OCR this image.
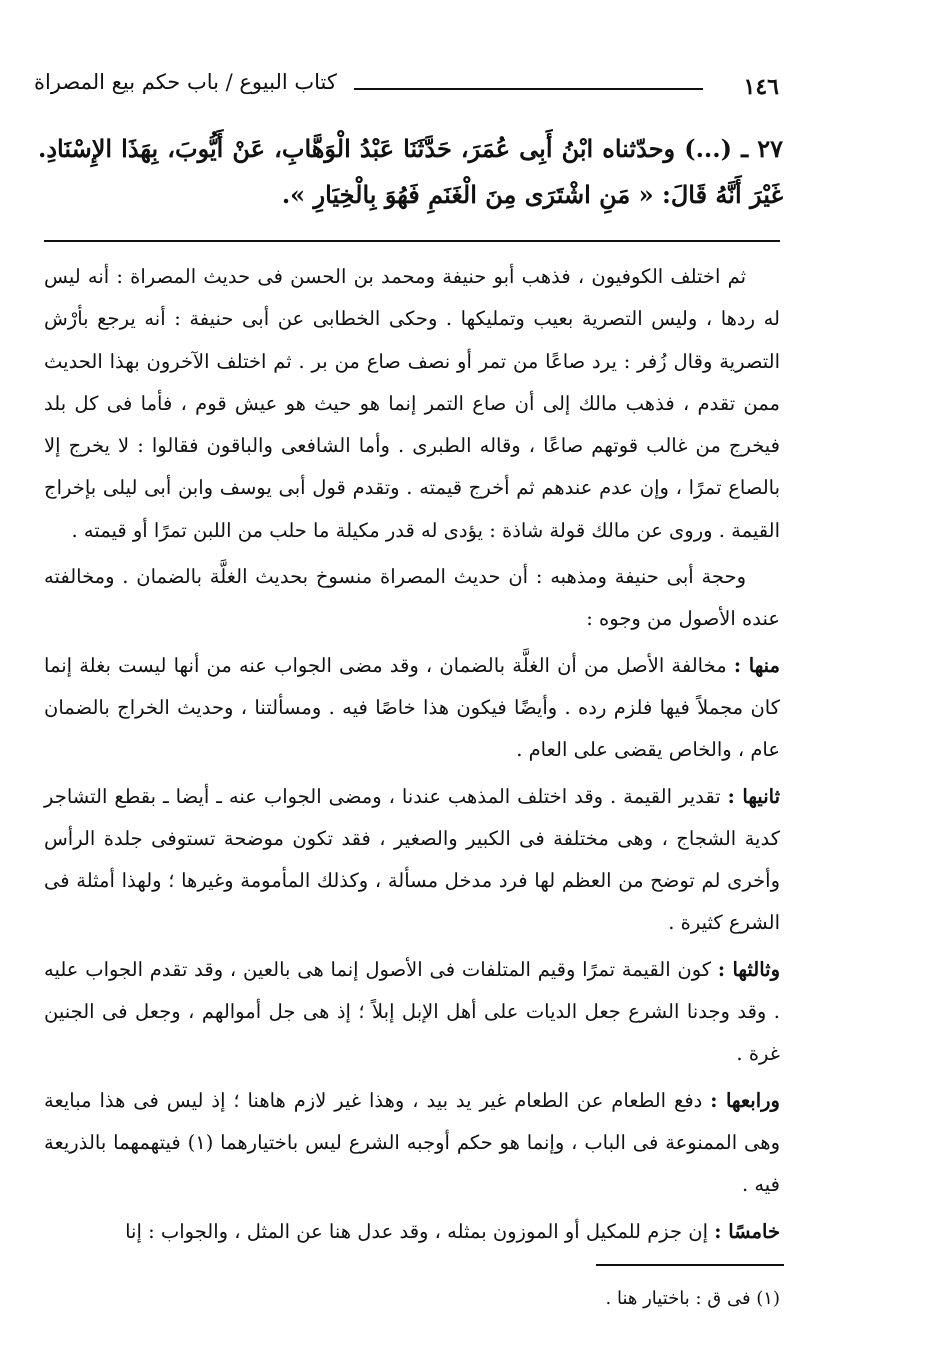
١٤٦
كتاب البيوع / باب حكم بيع المصراة
٢٧ ـ (...) وحدّثناه ابْنُ أَبِى عُمَرَ، حَدَّثَنَا عَبْدُ الْوَهَّابِ، عَنْ أَيُّوبَ، بِهَذَا الإِسْنَادِ. غَيْرَ أَنَّهُ قَالَ: « مَنِ اشْتَرَى مِنَ الْغَنَمِ فَهُوَ بِالْخِيَارِ ».

ثم اختلف الكوفيون ، فذهب أبو حنيفة ومحمد بن الحسن فى حديث المصراة : أنه ليس له ردها ، وليس التصرية بعيب وتمليكها . وحكى الخطابى عن أبى حنيفة : أنه يرجع بأرْش التصرية وقال زُفر : يرد صاعًا من تمر أو نصف صاع من بر . ثم اختلف الآخرون بهذا الحديث ممن تقدم ، فذهب مالك إلى أن صاع التمر إنما هو حيث هو عيش قوم ، فأما فى كل بلد فيخرج من غالب قوتهم صاعًا ، وقاله الطبرى . وأما الشافعى والباقون فقالوا : لا يخرج إلا بالصاع تمرًا ، وإن عدم عندهم ثم أخرج قيمته . وتقدم قول أبى يوسف وابن أبى ليلى بإخراج القيمة . وروى عن مالك قولة شاذة : يؤدى له قدر مكيلة ما حلب من اللبن تمرًا أو قيمته .

وحجة أبى حنيفة ومذهبه : أن حديث المصراة منسوخ بحديث الغلَّة بالضمان . ومخالفته عنده الأصول من وجوه :

منها : مخالفة الأصل من أن الغلَّة بالضمان ، وقد مضى الجواب عنه من أنها ليست بغلة إنما كان مجملاً فيها فلزم رده . وأيضًا فيكون هذا خاصًا فيه . ومسألتنا ، وحديث الخراج بالضمان عام ، والخاص يقضى على العام .

ثانيها : تقدير القيمة . وقد اختلف المذهب عندنا ، ومضى الجواب عنه ـ أيضا ـ بقطع التشاجر كدية الشجاج ، وهى مختلفة فى الكبير والصغير ، فقد تكون موضحة تستوفى جلدة الرأس وأخرى لم توضح من العظم لها فرد مدخل مسألة ، وكذلك المأمومة وغيرها ؛ ولهذا أمثلة فى الشرع كثيرة .

وثالثها : كون القيمة تمرًا وقيم المتلفات فى الأصول إنما هى بالعين ، وقد تقدم الجواب عليه . وقد وجدنا الشرع جعل الديات على أهل الإبل إبلاً ؛ إذ هى جل أموالهم ، وجعل فى الجنين غرة .

ورابعها : دفع الطعام عن الطعام غير يد بيد ، وهذا غير لازم هاهنا ؛ إذ ليس فى هذا مبايعة وهى الممنوعة فى الباب ، وإنما هو حكم أوجبه الشرع ليس باختيارهما (١) فيتهمهما بالذريعة فيه .

خامسًا : إن جزم للمكيل أو الموزون بمثله ، وقد عدل هنا عن المثل ، والجواب : إنا

(١) فى ق : باختيار هنا .
